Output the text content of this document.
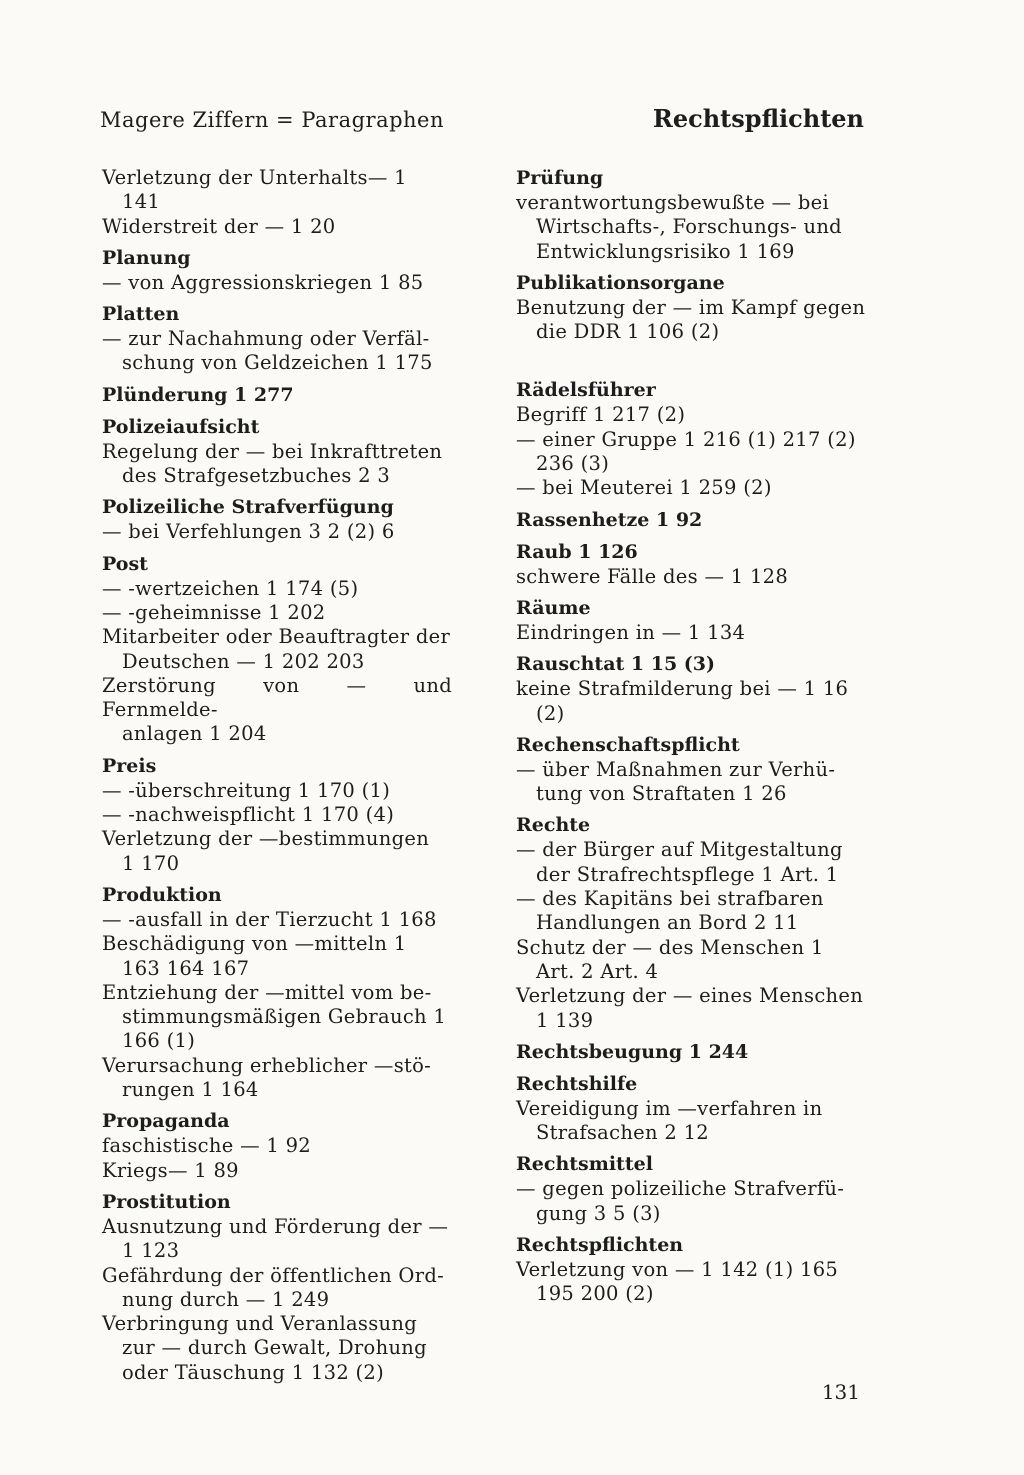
Magere Ziffern = Paragraphen	Rechtspflichten
Verletzung der Unterhalts— 1
141
Widerstreit der — 1 20
Planung
— von Aggressionskriegen 1 85
Platten
— zur Nachahmung oder Verfäl-
schung von Geldzeichen 1 175
Plünderung 1 277
Polizeiaufsicht
Regelung der — bei Inkrafttreten
des Strafgesetzbuches 2 3
Polizeiliche Strafverfügung
— bei Verfehlungen 3 2 (2) 6
Post
— -wertzeichen 1 174 (5)
— -geheimnisse 1 202
Mitarbeiter oder Beauftragter der
Deutschen — 1 202 203
Zerstörung von — und Fernmelde-
anlagen 1 204
Preis
— -überschreitung 1 170 (1)
— -nachweispflicht 1 170 (4)
Verletzung der —bestimmungen
1 170
Produktion
— -ausfall in der Tierzucht 1 168
Beschädigung von —mitteln 1
163 164 167
Entziehung der —mittel vom be-
stimmungsmäßigen Gebrauch 1
166 (1)
Verursachung erheblicher —stö-
rungen 1 164
Propaganda
faschistische — 1 92
Kriegs— 1 89
Prostitution
Ausnutzung und Förderung der —
1 123
Gefährdung der öffentlichen Ord-
nung durch — 1 249
Verbringung und Veranlassung
zur — durch Gewalt, Drohung
oder Täuschung 1 132 (2)
Prüfung
verantwortungsbewußte — bei
Wirtschafts-, Forschungs- und
Entwicklungsrisiko 1 169
Publikationsorgane
Benutzung der — im Kampf gegen
die DDR 1 106 (2)
Rädelsführer
Begriff 1 217 (2)
— einer Gruppe 1 216 (1) 217 (2)
236 (3)
— bei Meuterei 1 259 (2)
Rassenhetze 1 92
Raub 1 126
schwere Fälle des — 1 128
Räume
Eindringen in — 1 134
Rauschtat 1 15 (3)
keine Strafmilderung bei — 1 16
(2)
Rechenschaftspflicht
— über Maßnahmen zur Verhü-
tung von Straftaten 1 26
Rechte
— der Bürger auf Mitgestaltung
der Strafrechtspflege 1 Art. 1
— des Kapitäns bei strafbaren
Handlungen an Bord 2 11
Schutz der — des Menschen 1
Art. 2 Art. 4
Verletzung der — eines Menschen
1 139
Rechtsbeugung 1 244
Rechtshilfe
Vereidigung im —verfahren in
Strafsachen 2 12
Rechtsmittel
— gegen polizeiliche Strafverfü-
gung 3 5 (3)
Rechtspflichten
Verletzung von — 1 142 (1) 165
195 200 (2)
131
